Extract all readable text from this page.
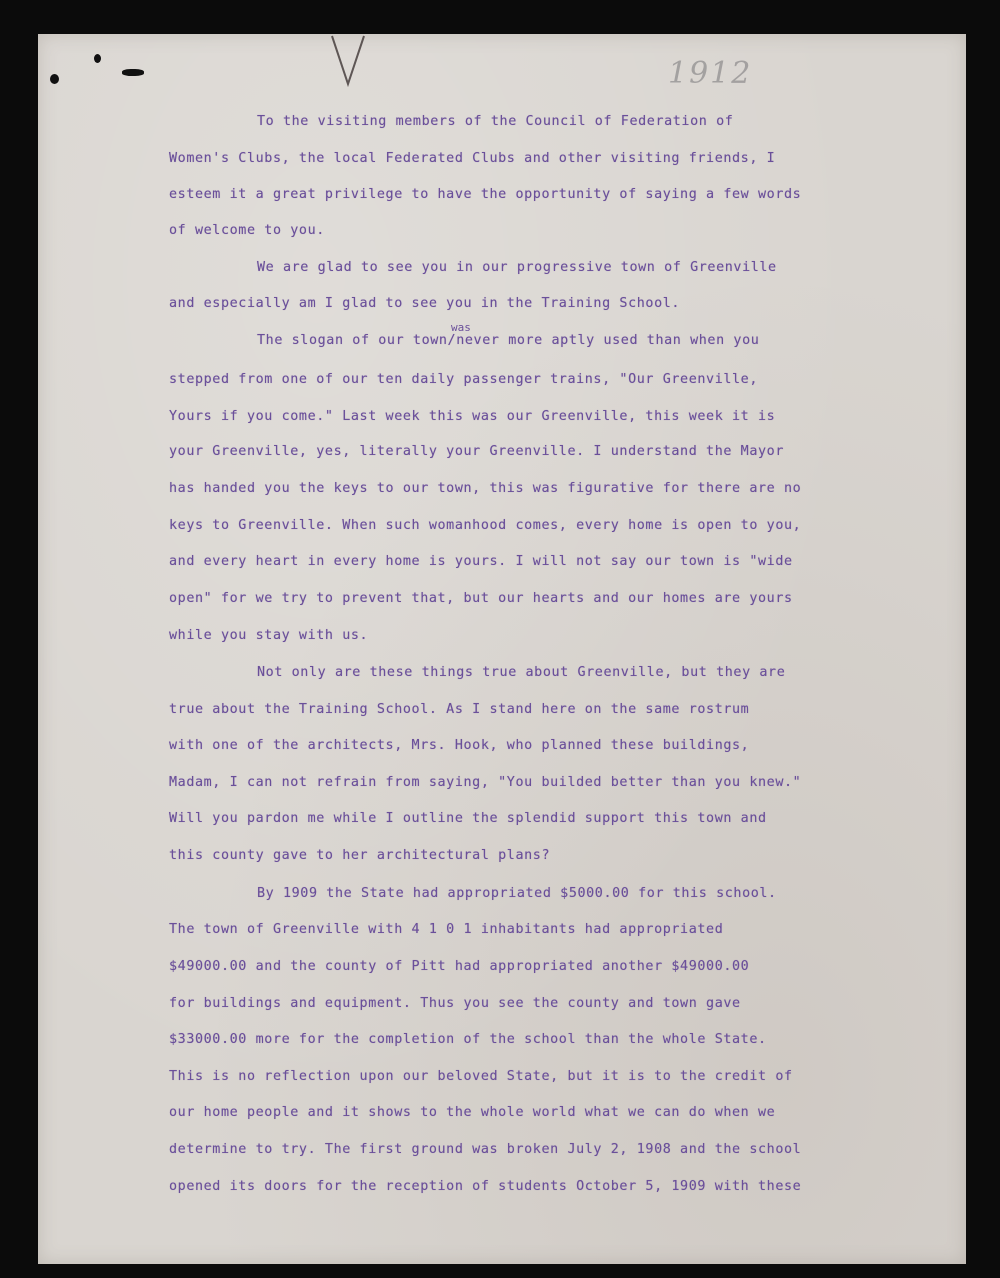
1912
was
To the visiting members of the Council of Federation of
Women's Clubs, the local Federated Clubs and other visiting friends, I
esteem it a great privilege to have the opportunity of saying a few words
of welcome to you.
We are glad to see you in our progressive town of Greenville
and especially am I glad to see you in the Training School.
The slogan of our town/never more aptly used than when you
stepped from one of our ten daily passenger trains, "Our Greenville,
Yours if you come." Last week this was our Greenville, this week it is
your Greenville, yes, literally your Greenville. I understand the Mayor
has handed you the keys to our town, this was figurative for there are no
keys to Greenville. When such womanhood comes, every home is open to you,
and every heart in every home is yours. I will not say our town is "wide
open" for we try to prevent that, but our hearts and our homes are yours
while you stay with us.
Not only are these things true about Greenville, but they are
true about the Training School. As I stand here on the same rostrum
with one of the architects, Mrs. Hook, who planned these buildings,
Madam, I can not refrain from saying, "You builded better than you knew."
Will you pardon me while I outline the splendid support this town and
this county gave to her architectural plans?
By 1909 the State had appropriated $5000.00 for this school.
The town of Greenville with 4 1 0 1 inhabitants had appropriated
$49000.00 and the county of Pitt had appropriated another $49000.00
for buildings and equipment. Thus you see the county and town gave
$33000.00 more for the completion of the school than the whole State.
This is no reflection upon our beloved State, but it is to the credit of
our home people and it shows to the whole world what we can do when we
determine to try. The first ground was broken July 2, 1908 and the school
opened its doors for the reception of students October 5, 1909 with these
